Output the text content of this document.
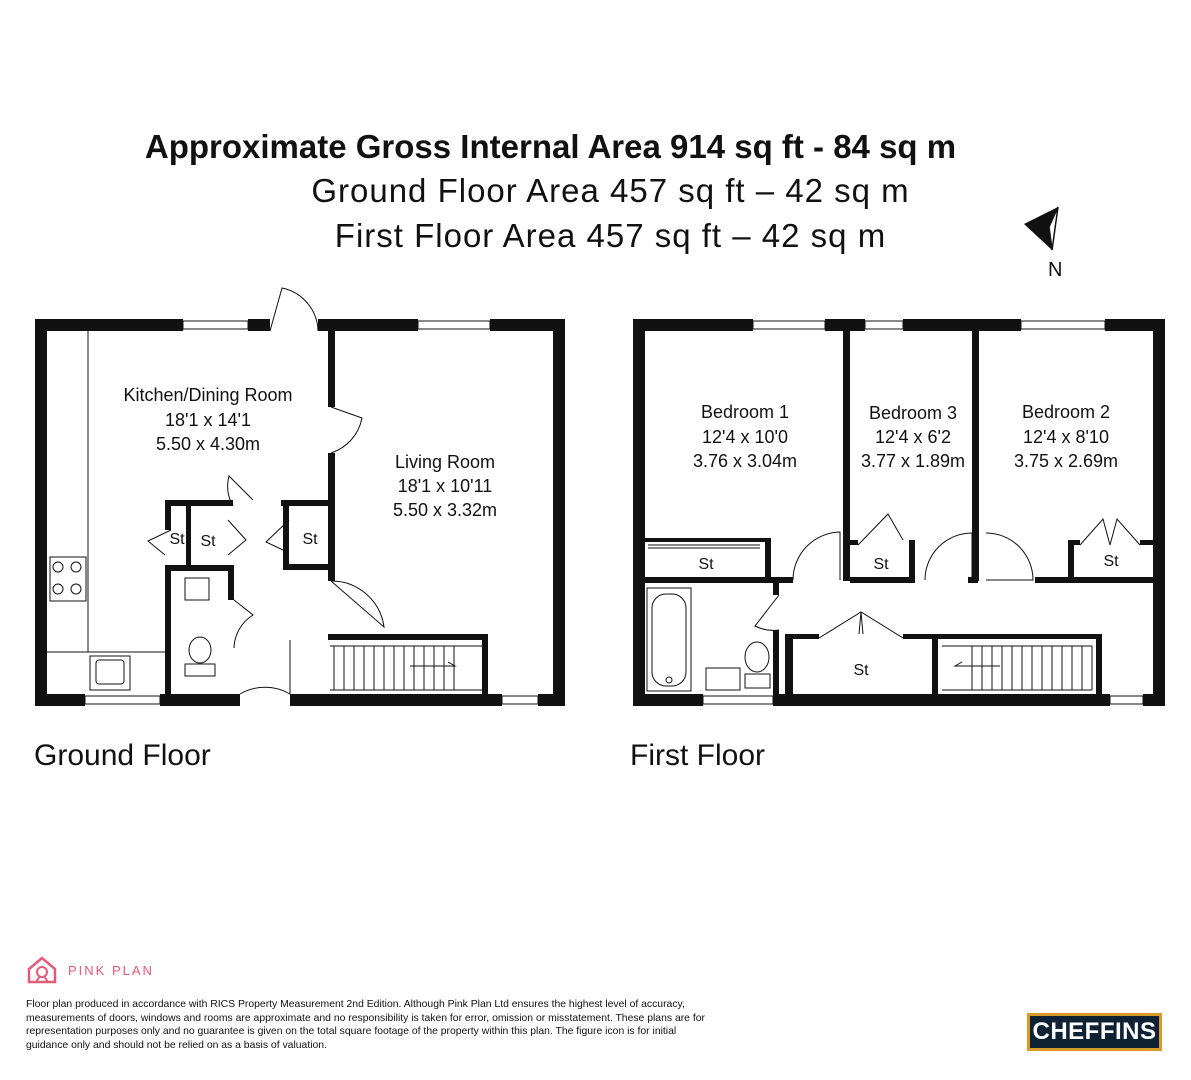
Approximate Gross Internal Area 914 sq ft - 84 sq m
Ground Floor Area 457 sq ft – 42 sq m
First Floor Area 457 sq ft – 42 sq m
N
Kitchen/Dining Room
18'1 x 14'1
5.50 x 4.30m
Living Room
18'1 x 10'11
5.50 x 3.32m
St St	St
Ground Floor
Bedroom 1
12'4 x 10'0
3.76 x 3.04m
Bedroom 3
12'4 x 6'2
3.77 x 1.89m
Bedroom 2
12'4 x 8'10
3.75 x 2.69m
St	St	St
St
First Floor
PINK PLAN
Floor plan produced in accordance with RICS Property Measurement 2nd Edition. Although Pink Plan Ltd ensures the highest level of accuracy, measurements of doors, windows and rooms are approximate and no responsibility is taken for error, omission or misstatement. These plans are for representation purposes only and no guarantee is given on the total square footage of the property within this plan. The figure icon is for initial guidance only and should not be relied on as a basis of valuation.
CHEFFINS
